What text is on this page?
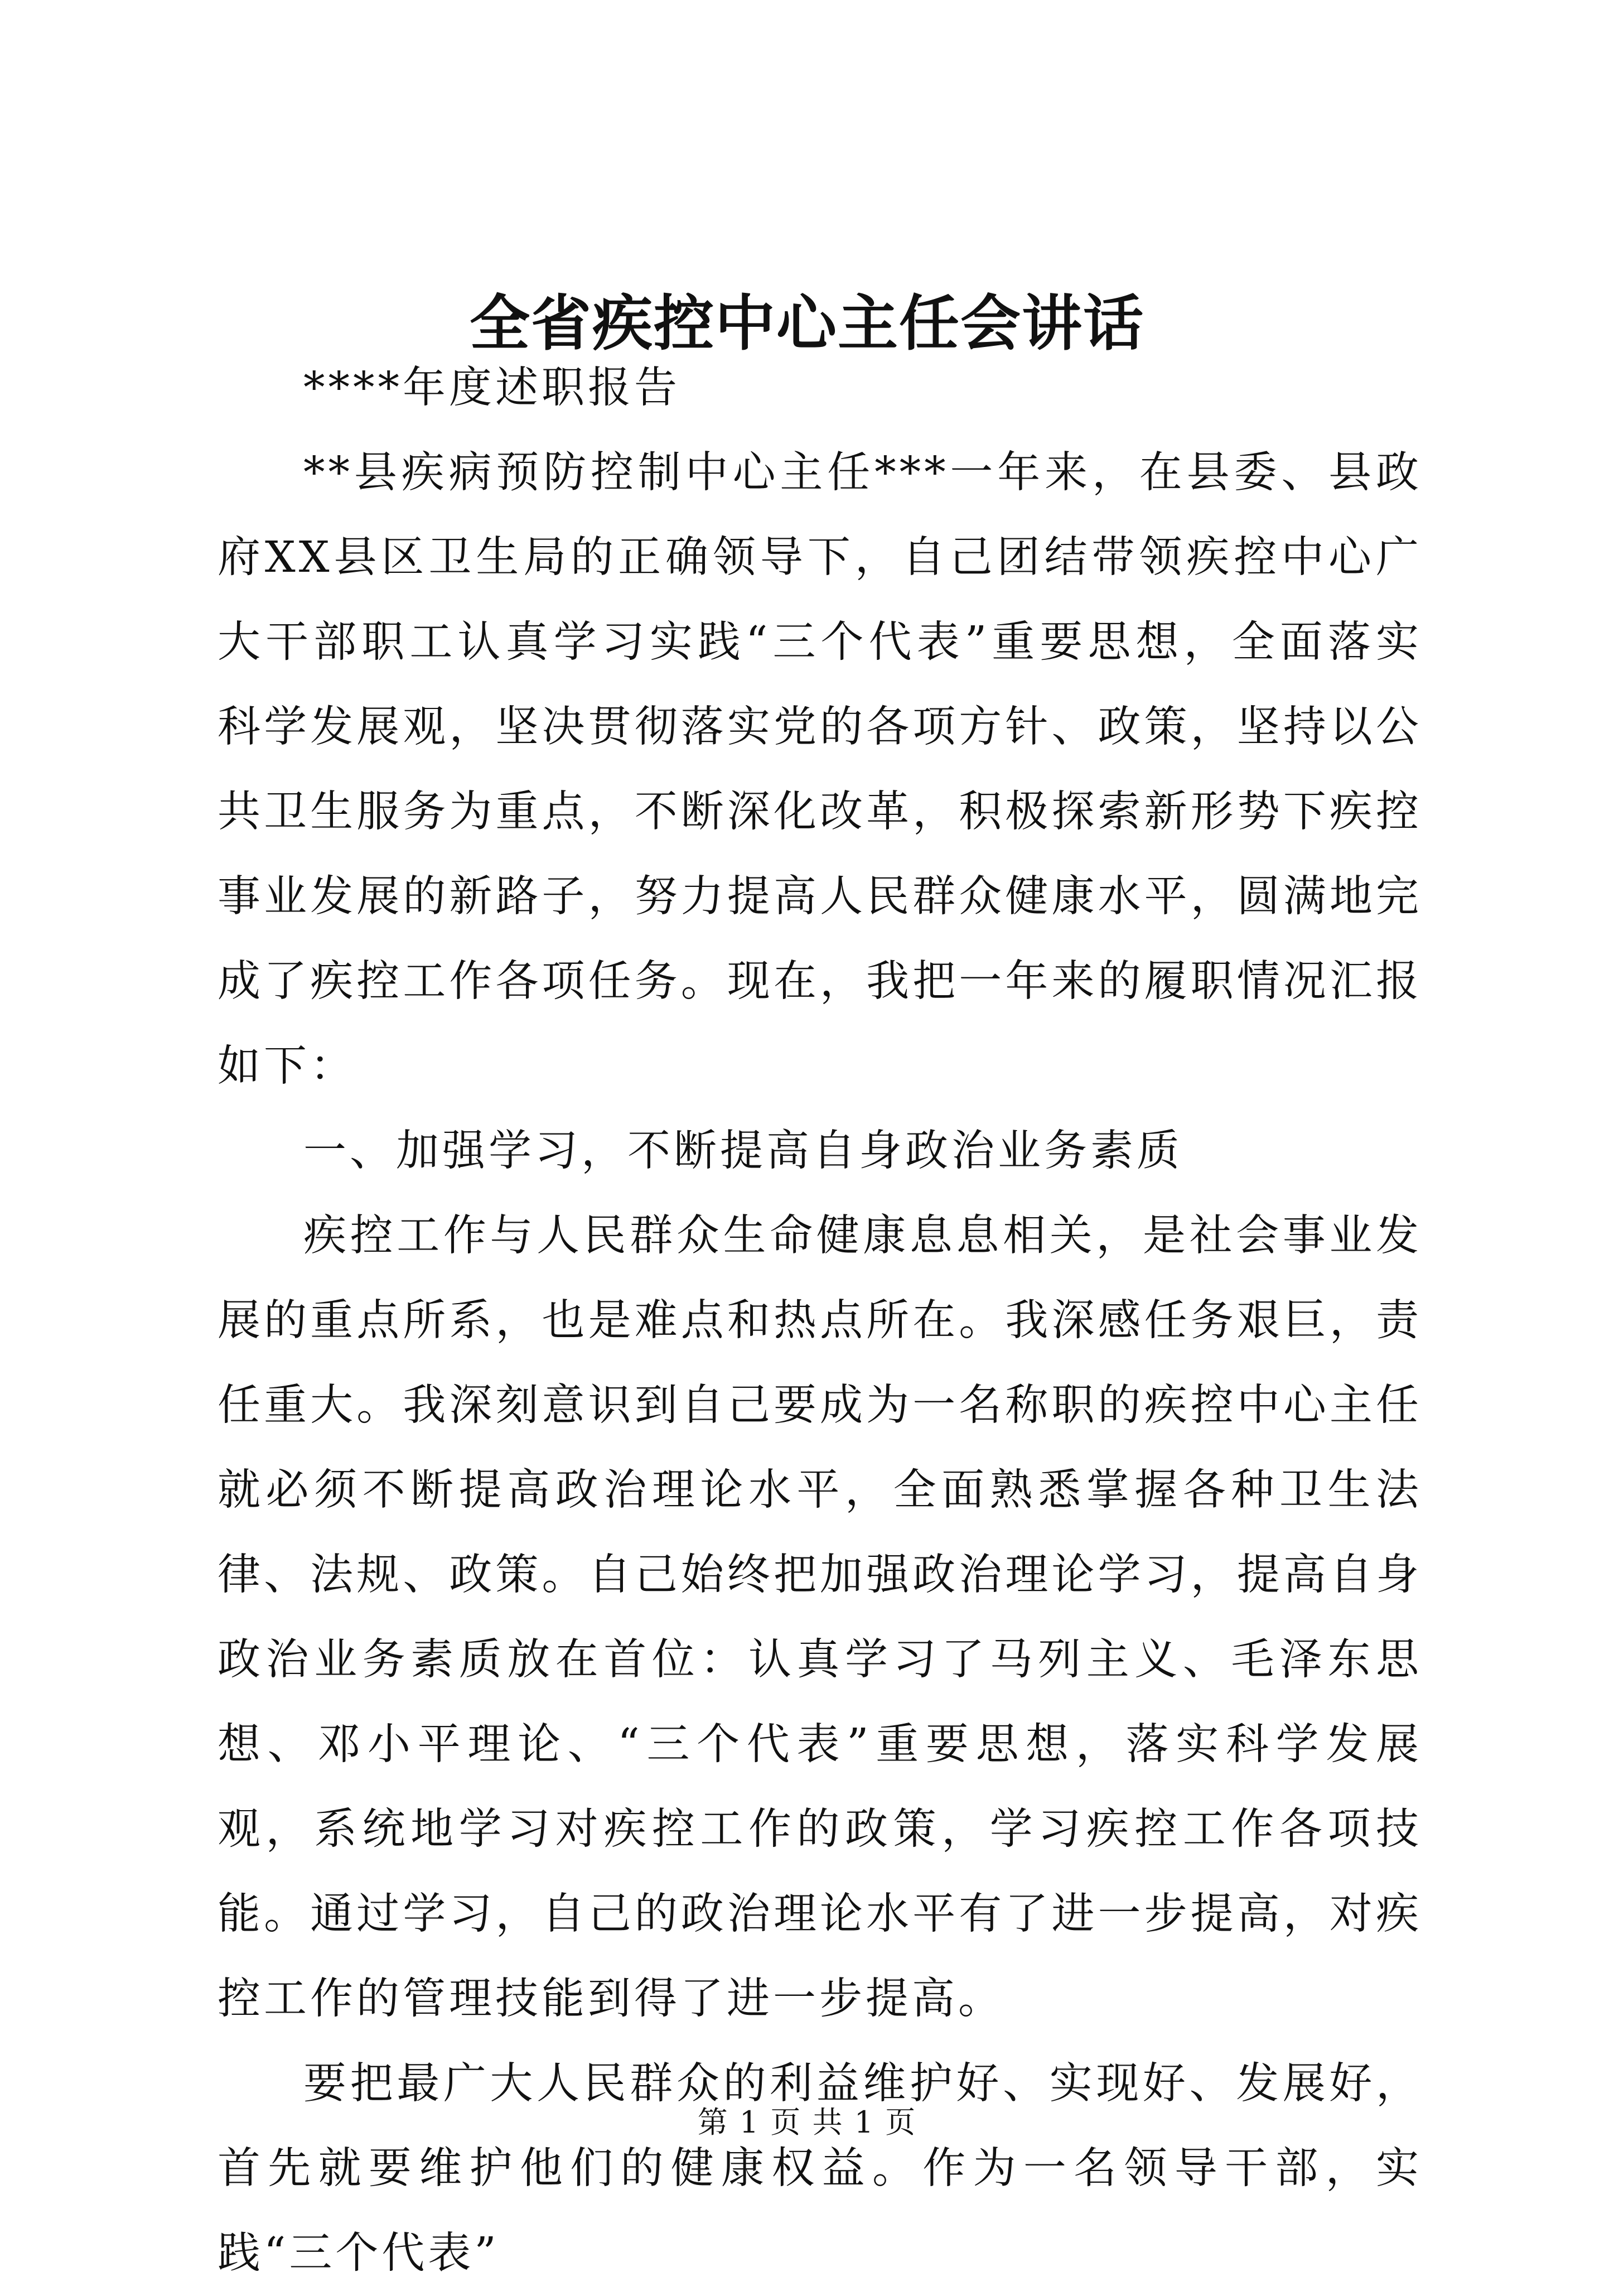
全省疾控中心主任会讲话

****年度述职报告

**县疾病预防控制中心主任***一年来，在县委、县政府XX县区卫生局的正确领导下，自己团结带领疾控中心广大干部职工认真学习实践“三个代表”重要思想，全面落实科学发展观，坚决贯彻落实党的各项方针、政策，坚持以公共卫生服务为重点，不断深化改革，积极探索新形势下疾控事业发展的新路子，努力提高人民群众健康水平，圆满地完成了疾控工作各项任务。现在，我把一年来的履职情况汇报如下：

一、加强学习，不断提高自身政治业务素质

疾控工作与人民群众生命健康息息相关，是社会事业发展的重点所系，也是难点和热点所在。我深感任务艰巨，责任重大。我深刻意识到自己要成为一名称职的疾控中心主任就必须不断提高政治理论水平，全面熟悉掌握各种卫生法律、法规、政策。自己始终把加强政治理论学习，提高自身政治业务素质放在首位：认真学习了马列主义、毛泽东思想、邓小平理论、“三个代表”重要思想，落实科学发展观，系统地学习对疾控工作的政策，学习疾控工作各项技能。通过学习，自己的政治理论水平有了进一步提高，对疾控工作的管理技能到得了进一步提高。

要把最广大人民群众的利益维护好、实现好、发展好，首先就要维护他们的健康权益。作为一名领导干部，实践“三个代表”

第 1 页 共 1 页
